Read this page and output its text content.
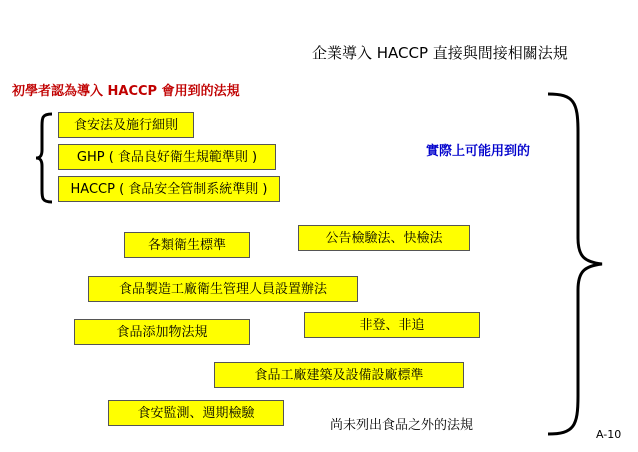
企業導入 HACCP 直接與間接相關法規
初學者認為導入 HACCP 會用到的法規
實際上可能用到的
食安法及施行細則
GHP ( 食品良好衛生規範準則 )
HACCP ( 食品安全管制系統準則 )
各類衛生標準	公告檢驗法、快檢法
食品製造工廠衛生管理人員設置辦法
非登、非追
食品添加物法規
食品工廠建築及設備設廠標準
食安監測、週期檢驗
尚未列出食品之外的法規
A-10
